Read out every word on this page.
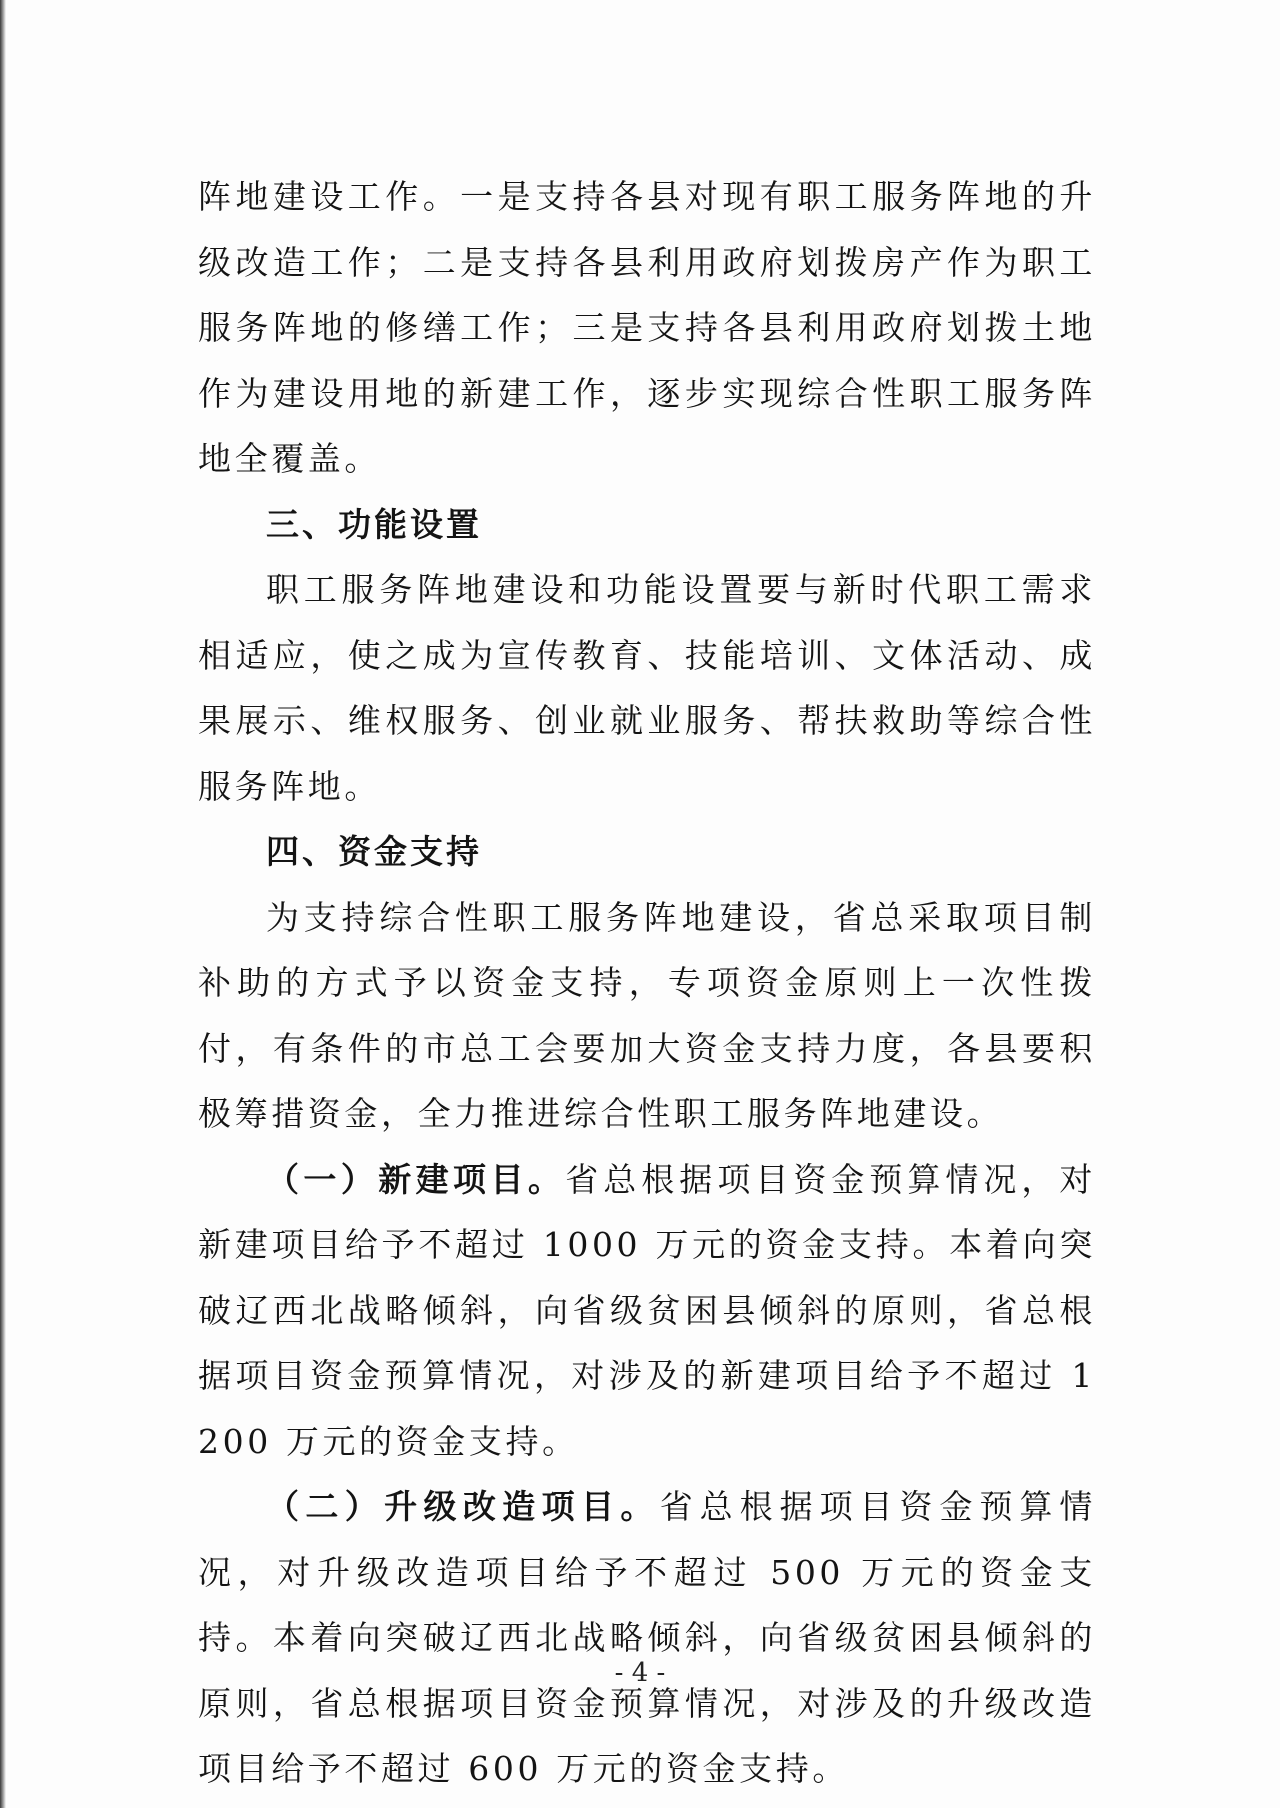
阵地建设工作。一是支持各县对现有职工服务阵地的升级改造工作；二是支持各县利用政府划拨房产作为职工服务阵地的修缮工作；三是支持各县利用政府划拨土地作为建设用地的新建工作，逐步实现综合性职工服务阵地全覆盖。

三、功能设置

职工服务阵地建设和功能设置要与新时代职工需求相适应，使之成为宣传教育、技能培训、文体活动、成果展示、维权服务、创业就业服务、帮扶救助等综合性服务阵地。

四、资金支持

为支持综合性职工服务阵地建设，省总采取项目制补助的方式予以资金支持，专项资金原则上一次性拨付，有条件的市总工会要加大资金支持力度，各县要积极筹措资金，全力推进综合性职工服务阵地建设。

（一）新建项目。省总根据项目资金预算情况，对新建项目给予不超过 1000 万元的资金支持。本着向突破辽西北战略倾斜，向省级贫困县倾斜的原则，省总根据项目资金预算情况，对涉及的新建项目给予不超过 1200 万元的资金支持。

（二）升级改造项目。省总根据项目资金预算情况，对升级改造项目给予不超过 500 万元的资金支持。本着向突破辽西北战略倾斜，向省级贫困县倾斜的原则，省总根据项目资金预算情况，对涉及的升级改造项目给予不超过 600 万元的资金支持。

- 4 -
